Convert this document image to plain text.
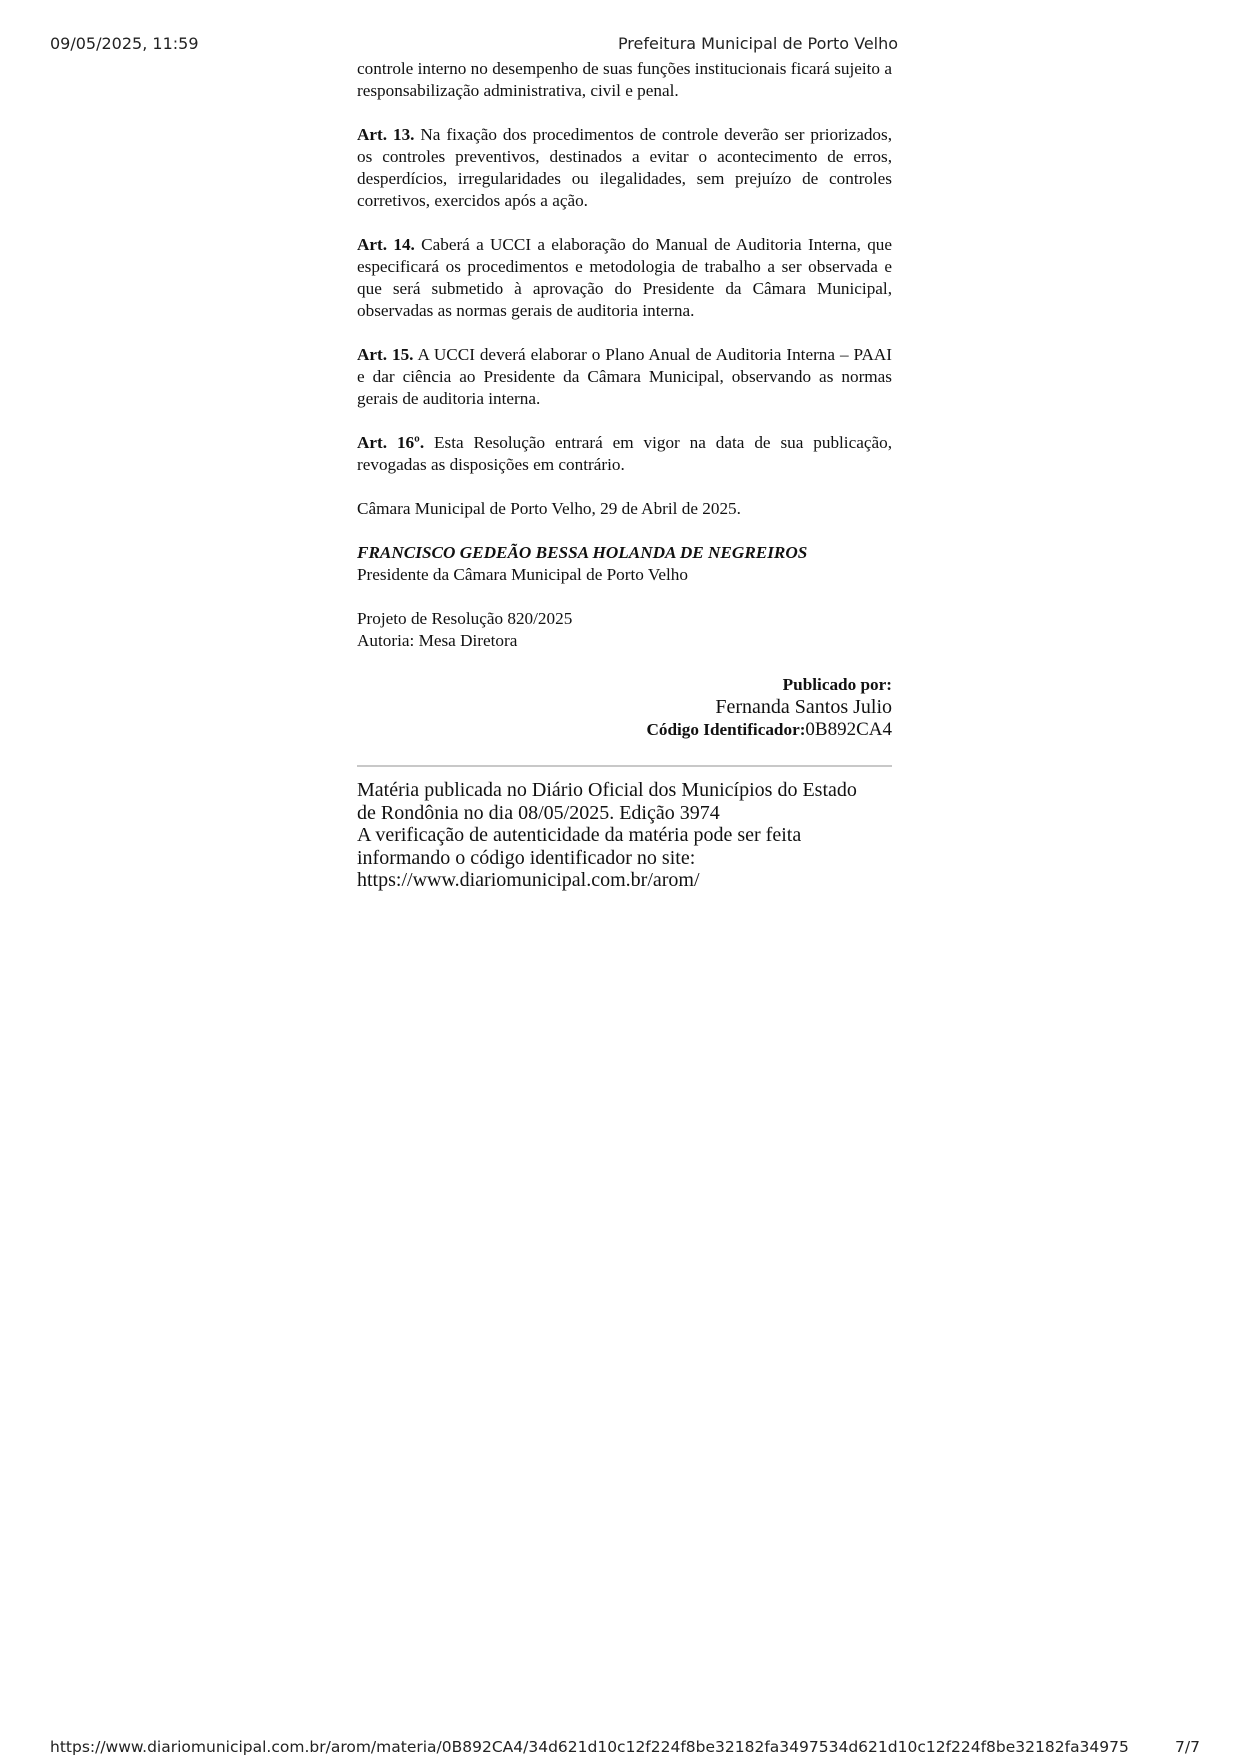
09/05/2025, 11:59	Prefeitura Municipal de Porto Velho

controle interno no desempenho de suas funções institucionais ficará sujeito a responsabilização administrativa, civil e penal.

Art. 13. Na fixação dos procedimentos de controle deverão ser priorizados, os controles preventivos, destinados a evitar o acontecimento de erros, desperdícios, irregularidades ou ilegalidades, sem prejuízo de controles corretivos, exercidos após a ação.

Art. 14. Caberá a UCCI a elaboração do Manual de Auditoria Interna, que especificará os procedimentos e metodologia de trabalho a ser observada e que será submetido à aprovação do Presidente da Câmara Municipal, observadas as normas gerais de auditoria interna.

Art. 15. A UCCI deverá elaborar o Plano Anual de Auditoria Interna – PAAI e dar ciência ao Presidente da Câmara Municipal, observando as normas gerais de auditoria interna.

Art. 16º. Esta Resolução entrará em vigor na data de sua publicação, revogadas as disposições em contrário.

Câmara Municipal de Porto Velho, 29 de Abril de 2025.

FRANCISCO GEDEÃO BESSA HOLANDA DE NEGREIROS

Presidente da Câmara Municipal de Porto Velho

Projeto de Resolução 820/2025

Autoria: Mesa Diretora

Publicado por:
Fernanda Santos Julio
Código Identificador:0B892CA4
Matéria publicada no Diário Oficial dos Municípios do Estado
de Rondônia no dia 08/05/2025. Edição 3974
A verificação de autenticidade da matéria pode ser feita
informando o código identificador no site:
https://www.diariomunicipal.com.br/arom/
https://www.diariomunicipal.com.br/arom/materia/0B892CA4/34d621d10c12f224f8be32182fa3497534d621d10c12f224f8be32182fa34975	7/7
